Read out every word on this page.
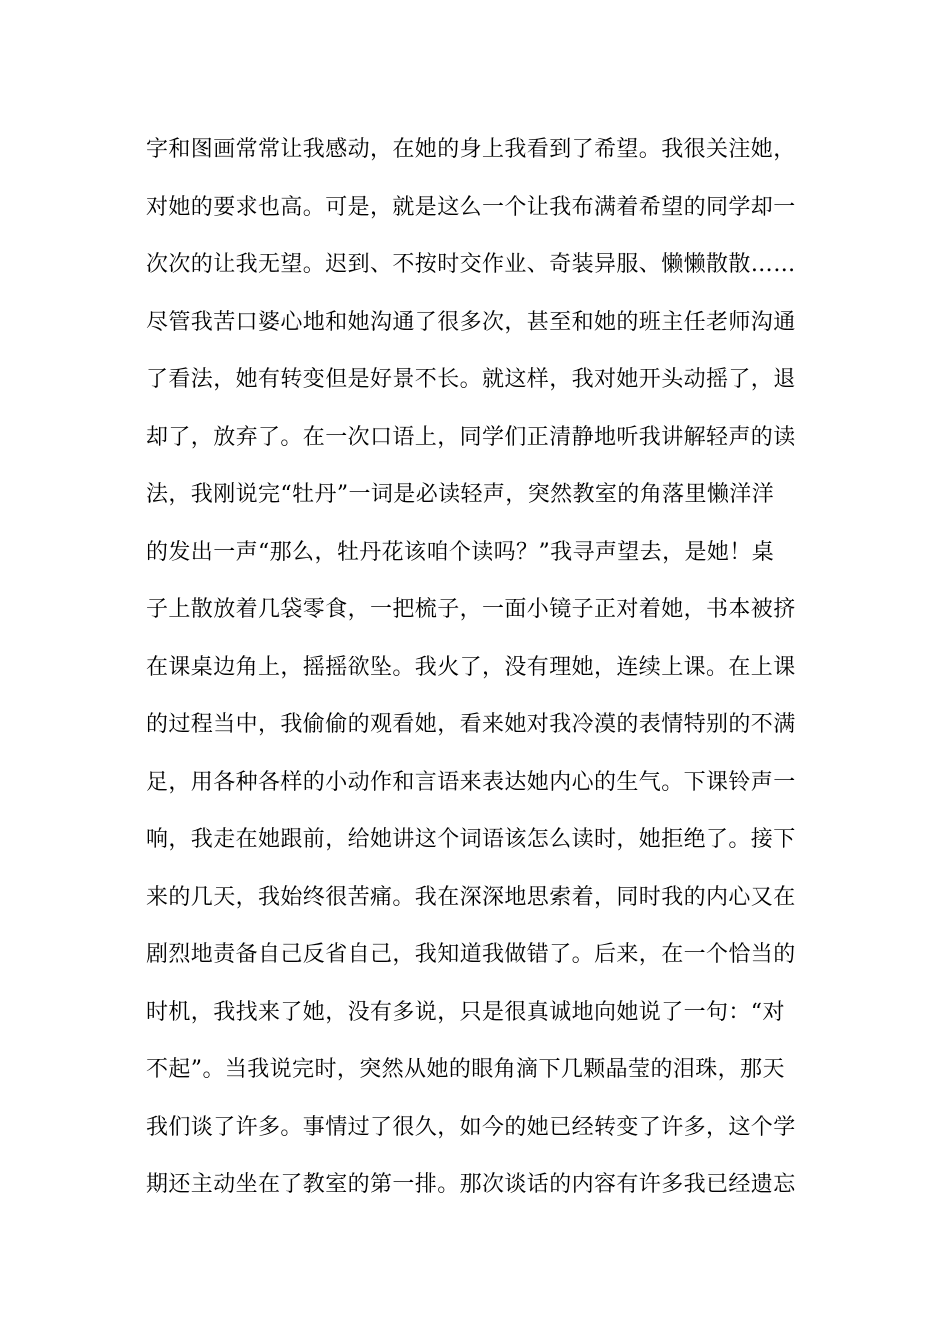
字和图画常常让我感动，在她的身上我看到了希望。我很关注她，
对她的要求也高。可是，就是这么一个让我布满着希望的同学却一
次次的让我无望。迟到、不按时交作业、奇装异服、懒懒散散……
尽管我苦口婆心地和她沟通了很多次，甚至和她的班主任老师沟通
了看法，她有转变但是好景不长。就这样，我对她开头动摇了，退
却了，放弃了。在一次口语上，同学们正清静地听我讲解轻声的读
法，我刚说完“牡丹”一词是必读轻声，突然教室的角落里懒洋洋
的发出一声“那么，牡丹花该咱个读吗？”我寻声望去，是她！桌
子上散放着几袋零食，一把梳子，一面小镜子正对着她，书本被挤
在课桌边角上，摇摇欲坠。我火了，没有理她，连续上课。在上课
的过程当中，我偷偷的观看她，看来她对我冷漠的表情特别的不满
足，用各种各样的小动作和言语来表达她内心的生气。下课铃声一
响，我走在她跟前，给她讲这个词语该怎么读时，她拒绝了。接下
来的几天，我始终很苦痛。我在深深地思索着，同时我的内心又在
剧烈地责备自己反省自己，我知道我做错了。后来，在一个恰当的
时机，我找来了她，没有多说，只是很真诚地向她说了一句：“对
不起”。当我说完时，突然从她的眼角滴下几颗晶莹的泪珠，那天
我们谈了许多。事情过了很久，如今的她已经转变了许多，这个学
期还主动坐在了教室的第一排。那次谈话的内容有许多我已经遗忘
